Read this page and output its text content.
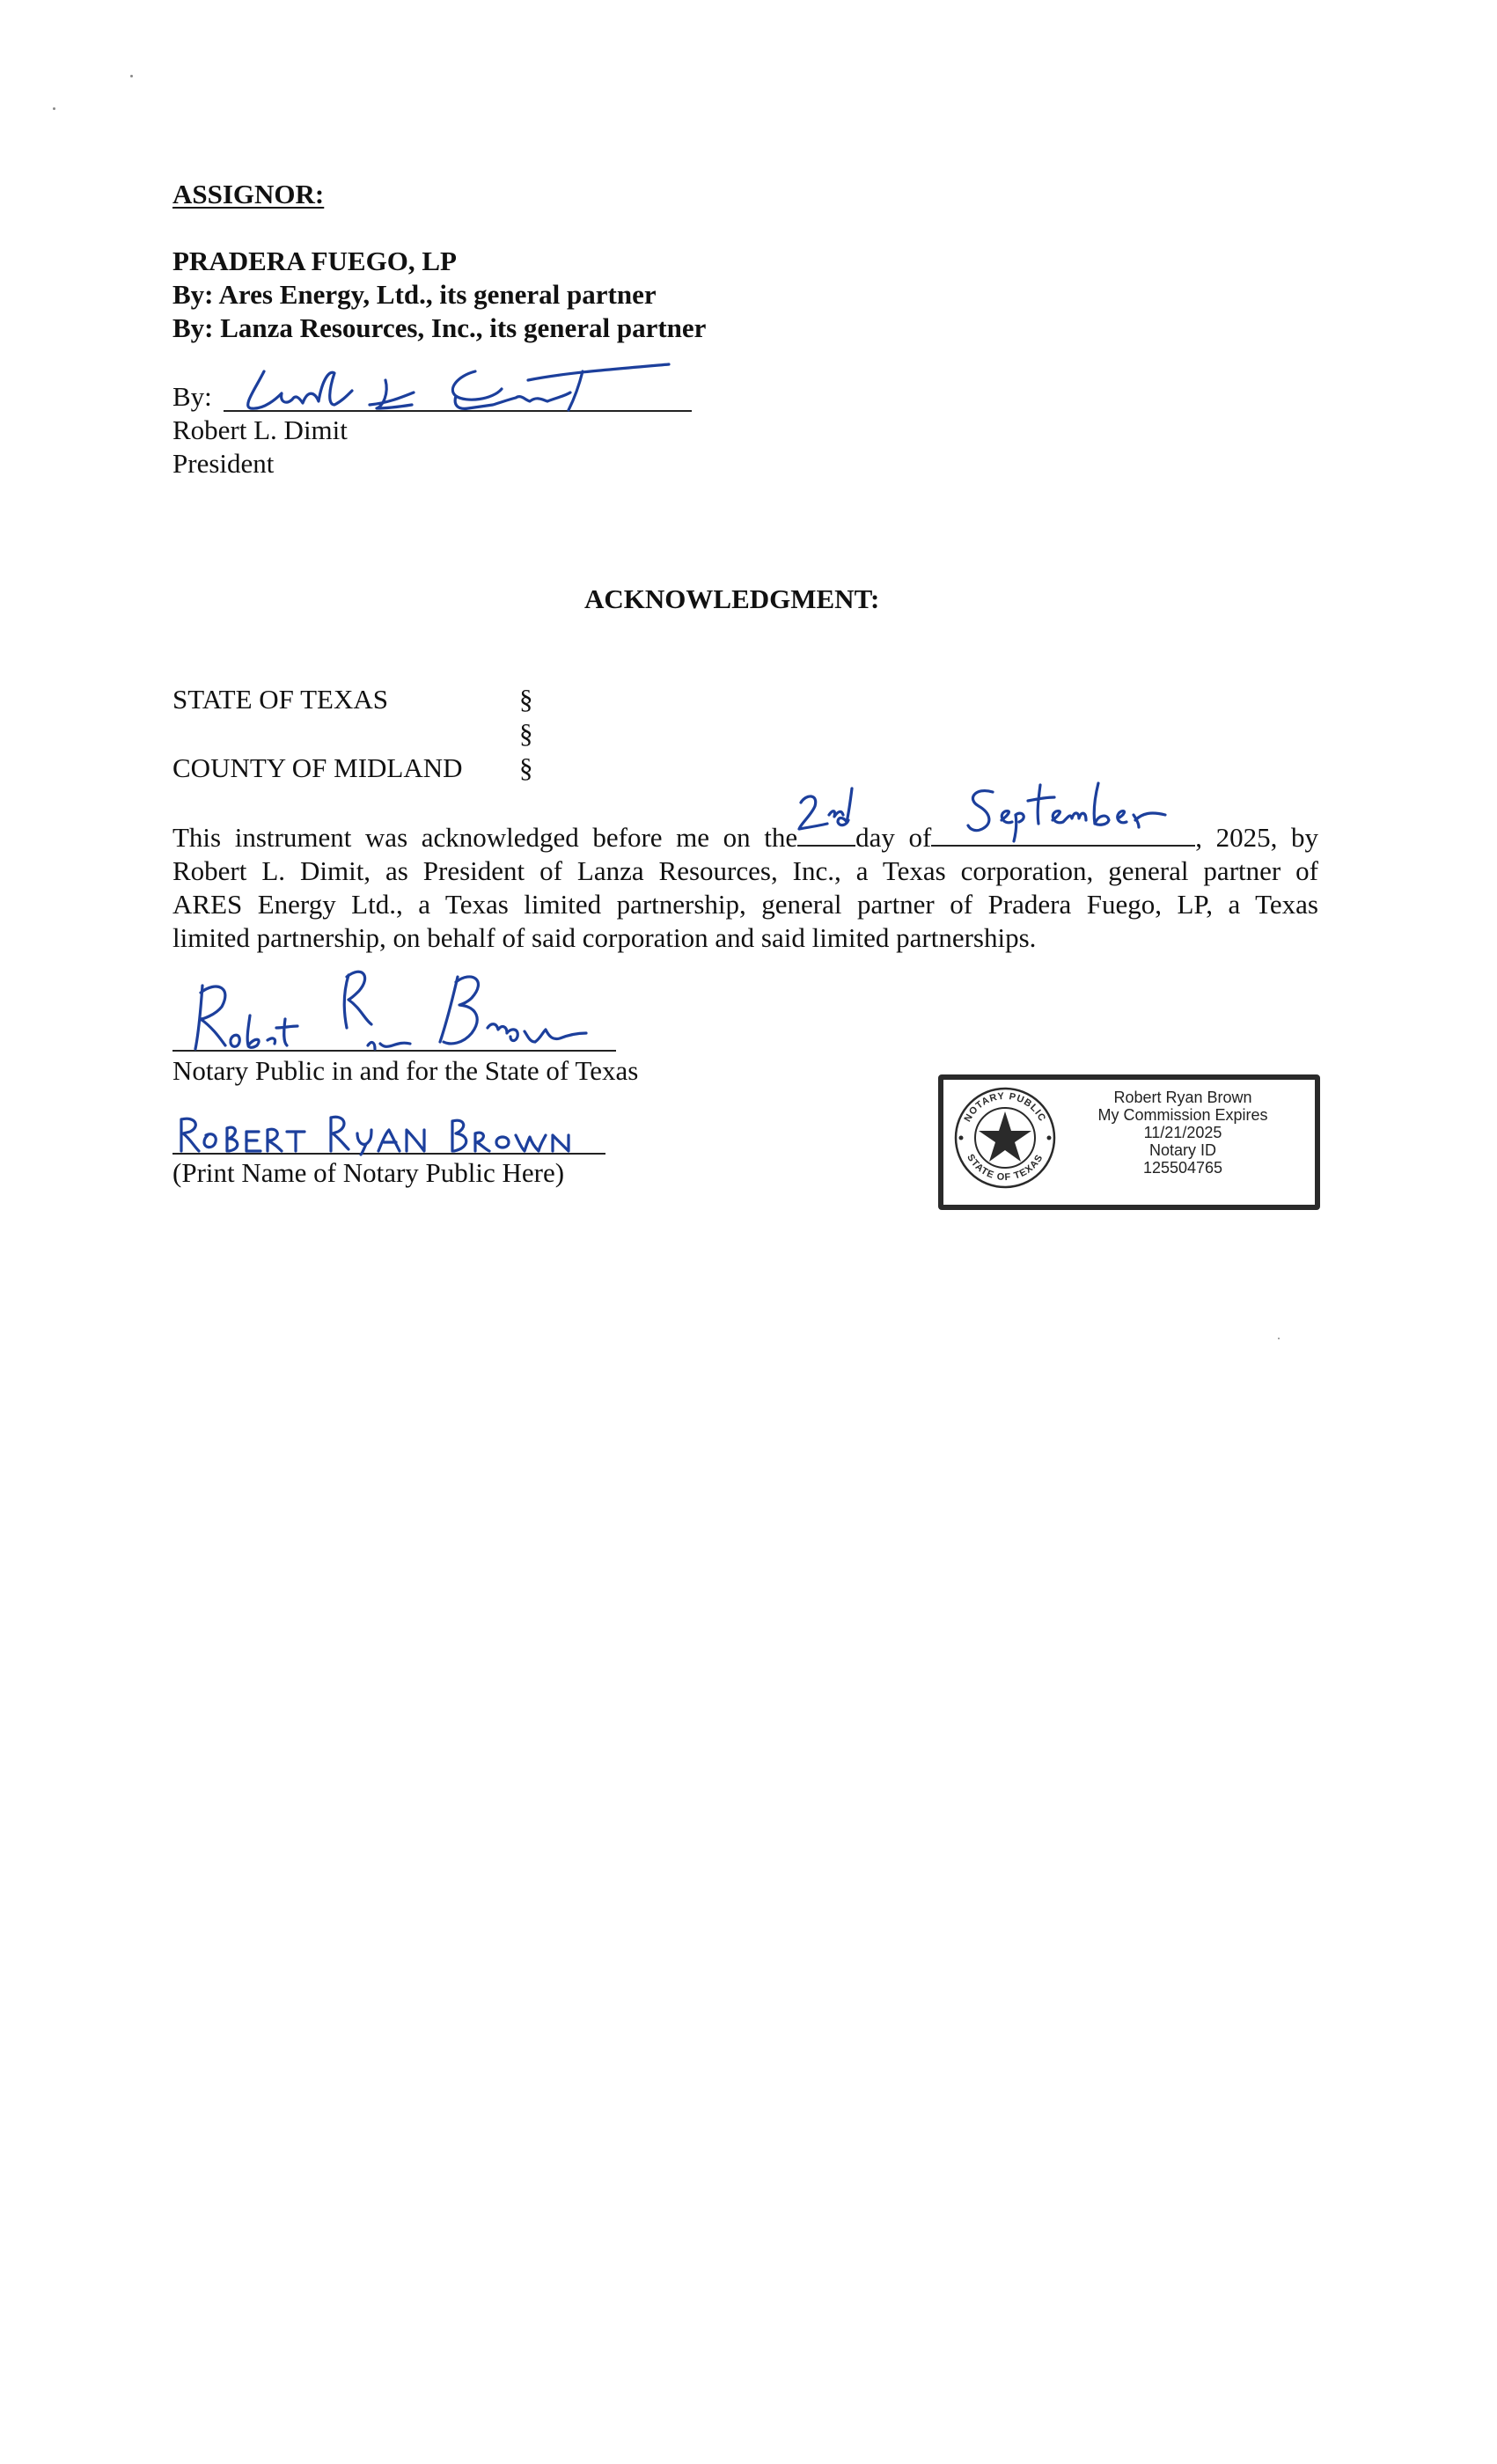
ASSIGNOR:
PRADERA FUEGO, LP
By: Ares Energy, Ltd., its general partner
By: Lanza Resources, Inc., its general partner
By:
Robert L. Dimit
President
ACKNOWLEDGMENT:
STATE OF TEXAS	§
§
COUNTY OF MIDLAND §
This instrument was acknowledged before me on the day of	, 2025, by
Robert L. Dimit, as President of Lanza Resources, Inc., a Texas corporation, general partner of
ARES Energy Ltd., a Texas limited partnership, general partner of Pradera Fuego, LP, a Texas
limited partnership, on behalf of said corporation and said limited partnerships.
Notary Public in and for the State of Texas
(Print Name of Notary Public Here)
NOTARY PUBLIC
STATE OF TEXAS
Robert Ryan Brown
My Commission Expires
11/21/2025
Notary ID
125504765
